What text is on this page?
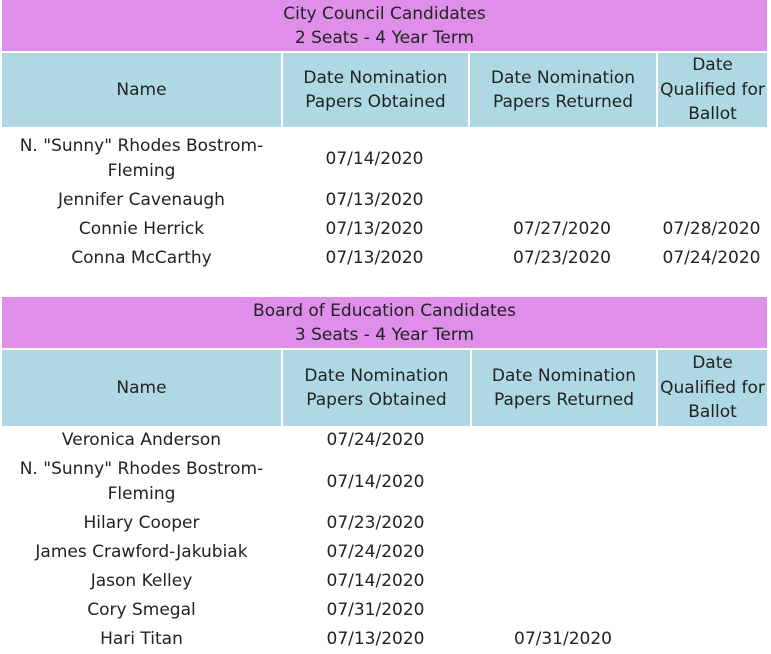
City Council Candidates
2 Seats - 4 Year Term			

Name	Date Nomination Papers Obtained	Date Nomination Papers Returned	Date Qualified for Ballot

N. "Sunny" Rhodes Bostrom-Fleming	07/14/2020		
Jennifer Cavenaugh	07/13/2020		
Connie Herrick	07/13/2020	07/27/2020	07/28/2020
Conna McCarthy	07/13/2020	07/23/2020	07/24/2020
Board of Education Candidates
3 Seats - 4 Year Term			

Name	Date Nomination Papers Obtained	Date Nomination Papers Returned	Date Qualified for Ballot
Veronica Anderson	07/24/2020		
N. "Sunny" Rhodes Bostrom-Fleming	07/14/2020		
Hilary Cooper	07/23/2020		
James Crawford-Jakubiak	07/24/2020		
Jason Kelley	07/14/2020		
Cory Smegal	07/31/2020		
Hari Titan	07/13/2020	07/31/2020	
